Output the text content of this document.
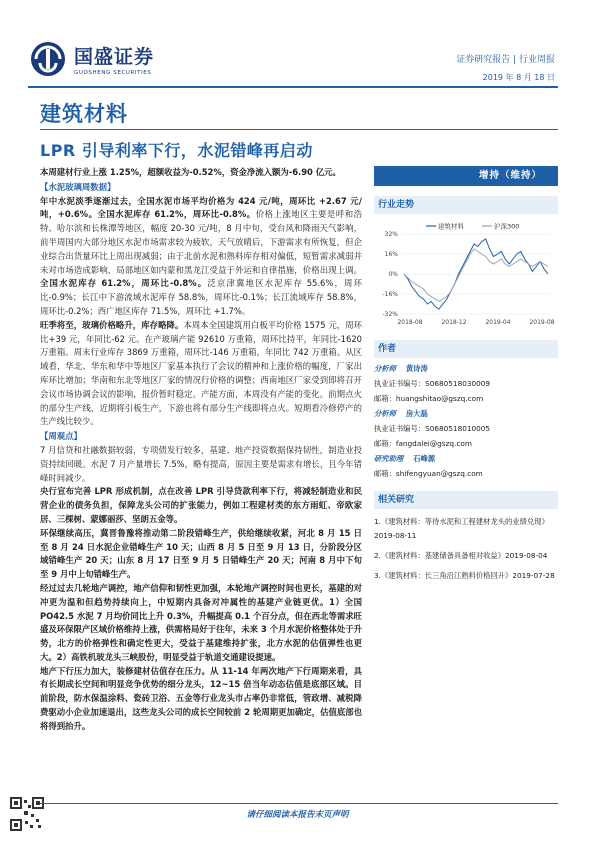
国盛证券
GUOSHENG SECURITIES
证券研究报告 | 行业周报
2019 年 8 月 18 日
建筑材料
LPR 引导利率下行，水泥错峰再启动

本周建材行业上涨 1.25%，超额收益为-0.52%，资金净流入额为-6.90 亿元。

【水泥玻璃周数据】

年中水泥淡季逐渐过去，全国水泥市场平均价格为 424 元/吨，周环比 +2.67 元/吨，+0.6%。全国水泥库存 61.2%，周环比-0.8%。价格上涨地区主要是呼和浩特、哈尔滨和长株潭等地区，幅度 20-30 元/吨，8 月中旬，受台风和降雨天气影响，前半周国内大部分地区水泥市场需求较为疲软，天气放晴后，下游需求有所恢复，但企业综合出货量环比上周出现减弱；由于北前水泥和熟料库存相对偏低，短暂需求减弱并未对市场造成影响，局部地区如内蒙和黑龙江受益于外运和自律措施，价格出现上调。全国水泥库存 61.2%，周环比-0.8%。泛京津冀地区水泥库存 55.6%，周环比-0.9%；长江中下游流域水泥库存 58.8%，周环比-0.1%；长江流域库存 58.8%，周环比-0.2%；西广地区库存 71.5%，周环比 +1.7%。

旺季将至，玻璃价格略升，库存略降。本周本全国建筑用白板平均价格 1575 元，周环比+39 元，年同比-62 元。在产玻璃产能 92610 万重箱，周环比持平，年同比-1620 万重箱。周末行业库存 3869 万重箱，周环比-146 万重箱，年同比 742 万重箱。从区域看，华北、华东和华中等地区厂家基本执行了会议的精神和上涨价格的幅度，厂家出库环比增加；华南和东北等地区厂家的情况行价格的调整；西南地区厂家受到即将召开会议市场协调会议的影响，报价暂时稳定。产能方面，本周没有产能的变化。前期点火的部分生产线，近期将引板生产，下游也将有部分生产线即将点火。短期看冷修停产的生产线比较少。

【周观点】

7 月信贷和社融数据较弱，专项债发行较多，基建、地产投资数据保持韧性，制造业投资持续回暖。水泥 7 月产量增长 7.5%，略有提高，原因主要是需求有增长，且今年错峰时间减少。

央行宣布完善 LPR 形成机制，点在改善 LPR 引导贷款利率下行，将减轻制造业和民营企业的债务负担，保障龙头公司的扩张能力，例如工程建材类的东方雨虹、帝欧家居、三棵树、蒙娜丽莎、坚朗五金等。

环保继续高压，冀晋鲁豫将推动第二阶段错峰生产，供给继续收紧，河北 8 月 15 日至 8 月 24 日水泥企业错峰生产 10 天；山西 8 月 5 日至 9 月 13 日，分阶段分区域错峰生产 20 天；山东 8 月 17 日至 9 月 5 日错峰生产 20 天；河南 8 月中下旬至 9 月中上旬错峰生产。

经过过去几轮地产调控，地产信仰和韧性更加强，本轮地产调控时间也更长，基建的对冲更为温和但趋势持续向上，中短期内具备对冲属性的基建产业链更优。1）全国 PO42.5 水泥 7 月均价同比上升 0.3%，升幅提高 0.1 个百分点，但在西北等需求旺盛及环保限产区域价格维持上涨，供需格局好于往年，未来 3 个月水泥价格整体处于升势，北方的价格弹性和确定性更大，受益于基建维持扩张，北方水泥的估值弹性也更大。2）高铁机玻龙头三峡股份，明显受益于轨道交通建设提速。

地产下行压力加大，装修建材估值存在压力。从 11-14 年两次地产下行周期来看，具有长期成长空间和明显竞争优势的细分龙头，12~15 倍当年动态估值是底部区域。目前阶段，防水保温涂料、瓷砖卫浴、五金等行业龙头市占率仍非常低，管政增、减税降费驱动小企业加速退出，这些龙头公司的成长空间较前 2 轮周期更加确定，估值底部也将得到抬升。

增持（维持）
行业走势
32%
16%
0%
-16%
-32%
2018-08	2018-12	2019-04	2019-08
建筑材料	沪深300
作者
分析师 黄诗涛
执业证书编号：S0680518030009
邮箱：huangshitao@gszq.com
分析师 房大磊
执业证书编号：S0680518010005
邮箱：fangdalei@gszq.com
研究助理 石峰源
邮箱：shifengyuan@gszq.com
相关研究
1.《建筑材料：等待水泥和工程建材龙头的业绩兑现》
2019-08-11
2.《建筑材料：基建储备具备相对收益》2019-08-04
3.《建筑材料：长三角沿江熟料价格回升》2019-07-28
请仔细阅读本报告末页声明
